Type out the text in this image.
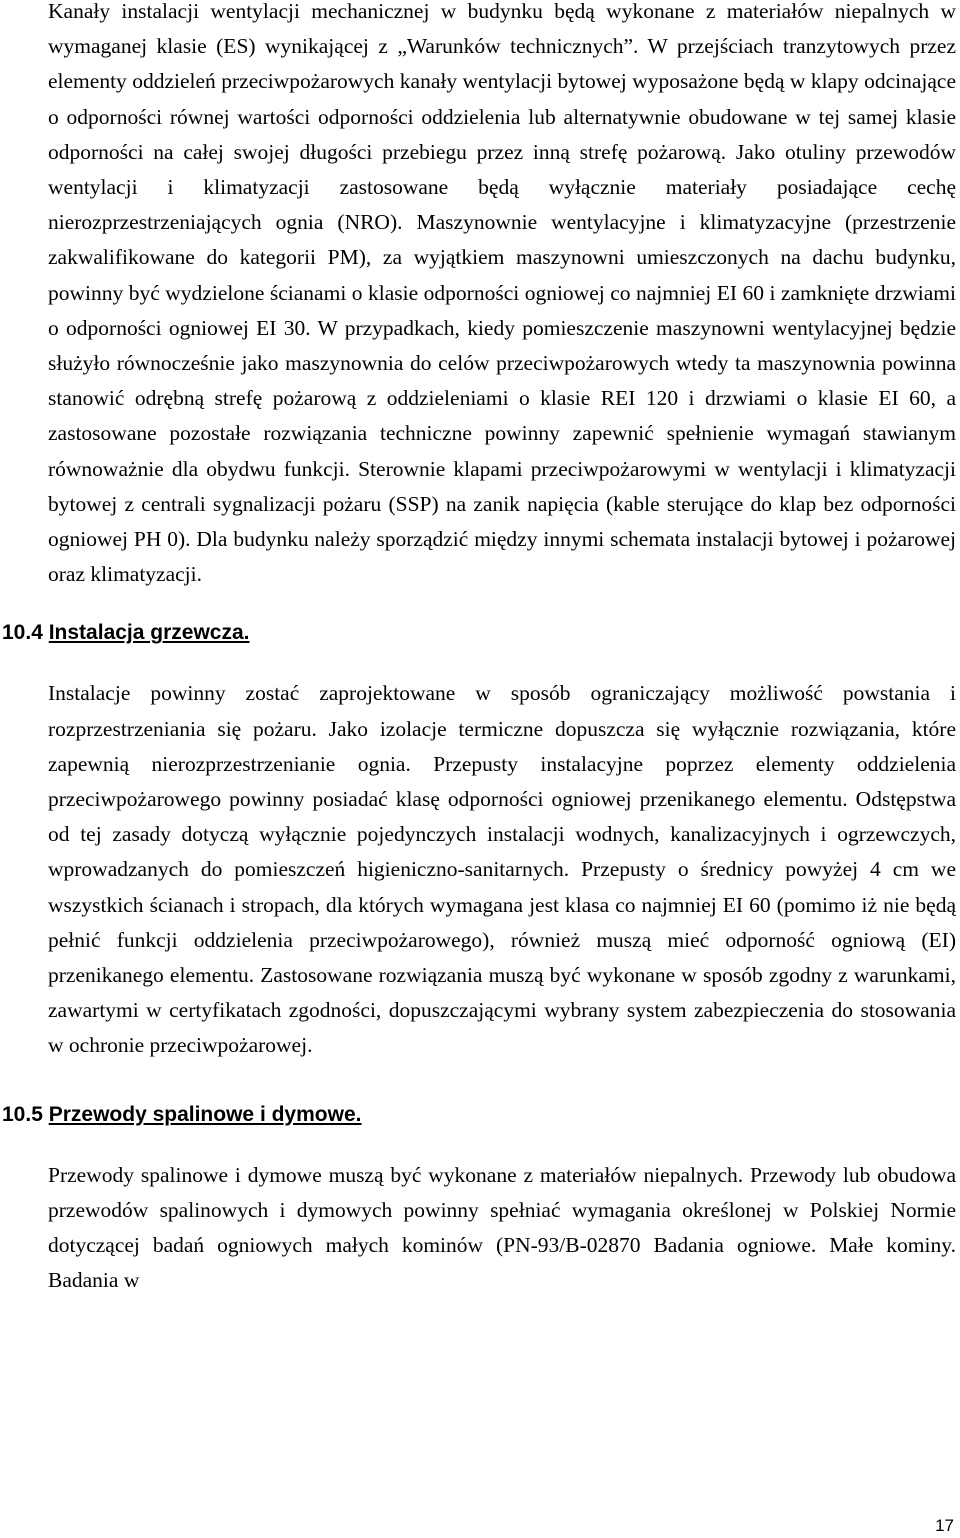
Kanały instalacji wentylacji mechanicznej w budynku będą wykonane z materiałów niepalnych w wymaganej klasie (ES) wynikającej z „Warunków technicznych”. W przejściach tranzytowych przez elementy oddzieleń przeciwpożarowych kanały wentylacji bytowej wyposażone będą w klapy odcinające o odporności równej wartości odporności oddzielenia lub alternatywnie obudowane w tej samej klasie odporności na całej swojej długości przebiegu przez inną strefę pożarową. Jako otuliny przewodów wentylacji i klimatyzacji zastosowane będą wyłącznie materiały posiadające cechę nierozprzestrzeniających ognia (NRO). Maszynownie wentylacyjne i klimatyzacyjne (przestrzenie zakwalifikowane do kategorii PM), za wyjątkiem maszynowni umieszczonych na dachu budynku, powinny być wydzielone ścianami o klasie odporności ogniowej co najmniej EI 60 i zamknięte drzwiami o odporności ogniowej EI 30. W przypadkach, kiedy pomieszczenie maszynowni wentylacyjnej będzie służyło równocześnie jako maszynownia do celów przeciwpożarowych wtedy ta maszynownia powinna stanowić odrębną strefę pożarową z oddzieleniami o klasie REI 120 i drzwiami o klasie EI 60, a zastosowane pozostałe rozwiązania techniczne powinny zapewnić spełnienie wymagań stawianym równoważnie dla obydwu funkcji. Sterownie klapami przeciwpożarowymi w wentylacji i klimatyzacji bytowej z centrali sygnalizacji pożaru (SSP) na zanik napięcia (kable sterujące do klap bez odporności ogniowej PH 0). Dla budynku należy sporządzić między innymi schemata instalacji bytowej i pożarowej oraz klimatyzacji.

10.4 Instalacja grzewcza.

Instalacje powinny zostać zaprojektowane w sposób ograniczający możliwość powstania i rozprzestrzeniania się pożaru. Jako izolacje termiczne dopuszcza się wyłącznie rozwiązania, które zapewnią nierozprzestrzenianie ognia. Przepusty instalacyjne poprzez elementy oddzielenia przeciwpożarowego powinny posiadać klasę odporności ogniowej przenikanego elementu. Odstępstwa od tej zasady dotyczą wyłącznie pojedynczych instalacji wodnych, kanalizacyjnych i ogrzewczych, wprowadzanych do pomieszczeń higieniczno-sanitarnych. Przepusty o średnicy powyżej 4 cm we wszystkich ścianach i stropach, dla których wymagana jest klasa co najmniej EI 60 (pomimo iż nie będą pełnić funkcji oddzielenia przeciwpożarowego), również muszą mieć odporność ogniową (EI) przenikanego elementu. Zastosowane rozwiązania muszą być wykonane w sposób zgodny z warunkami, zawartymi w certyfikatach zgodności, dopuszczającymi wybrany system zabezpieczenia do stosowania w ochronie przeciwpożarowej.

10.5 Przewody spalinowe i dymowe.

Przewody spalinowe i dymowe muszą być wykonane z materiałów niepalnych. Przewody lub obudowa przewodów spalinowych i dymowych powinny spełniać wymagania określonej w Polskiej Normie dotyczącej badań ogniowych małych kominów (PN-93/B-02870 Badania ogniowe. Małe kominy. Badania w

17
